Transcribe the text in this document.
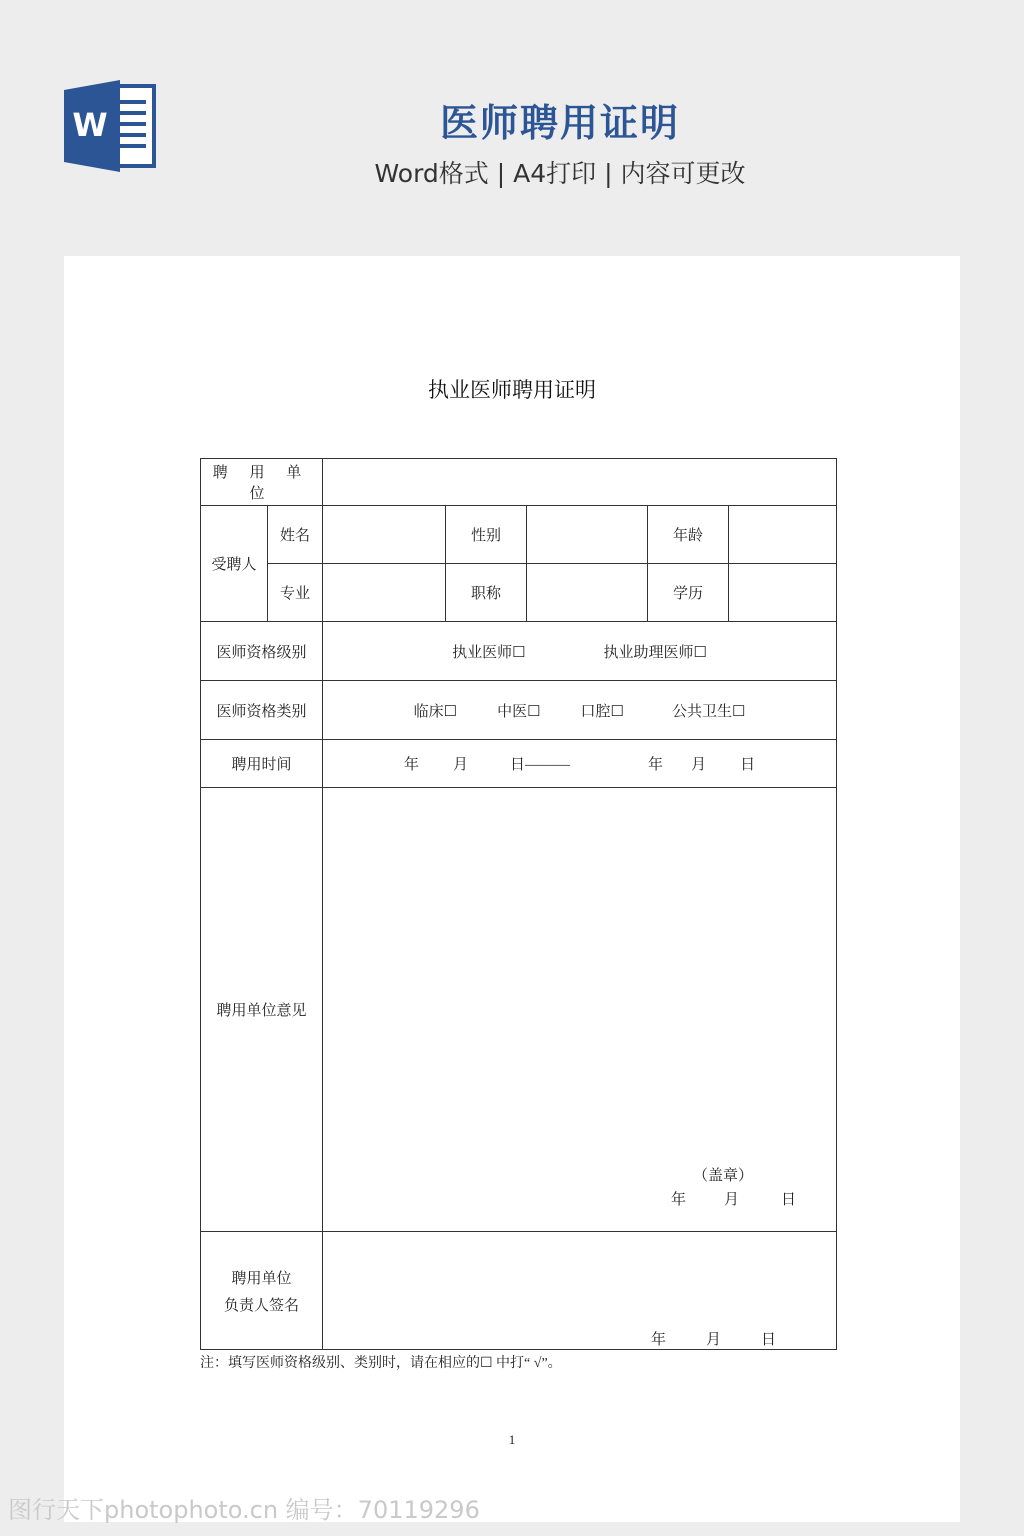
W	医师聘用证明
Word格式 | A4打印 | 内容可更改
执业医师聘用证明
聘 用 单 位						
受聘人	姓名		性别		年龄	
	专业		职称		学历	
医师资格级别		执业医师☐ 执业助理医师☐				
医师资格类别		临床☐ 中医☐ 口腔☐ 公共卫生☐				
聘用时间		年 月 日——— 年 月 日				
聘用单位意见		（盖章）
年 月 日				

聘用单位
负责人签名		年 月 日				
注：填写医师资格级别、类别时，请在相应的☐ 中打“ √”。
1
图行天下photophoto.cn 编号：70119296
